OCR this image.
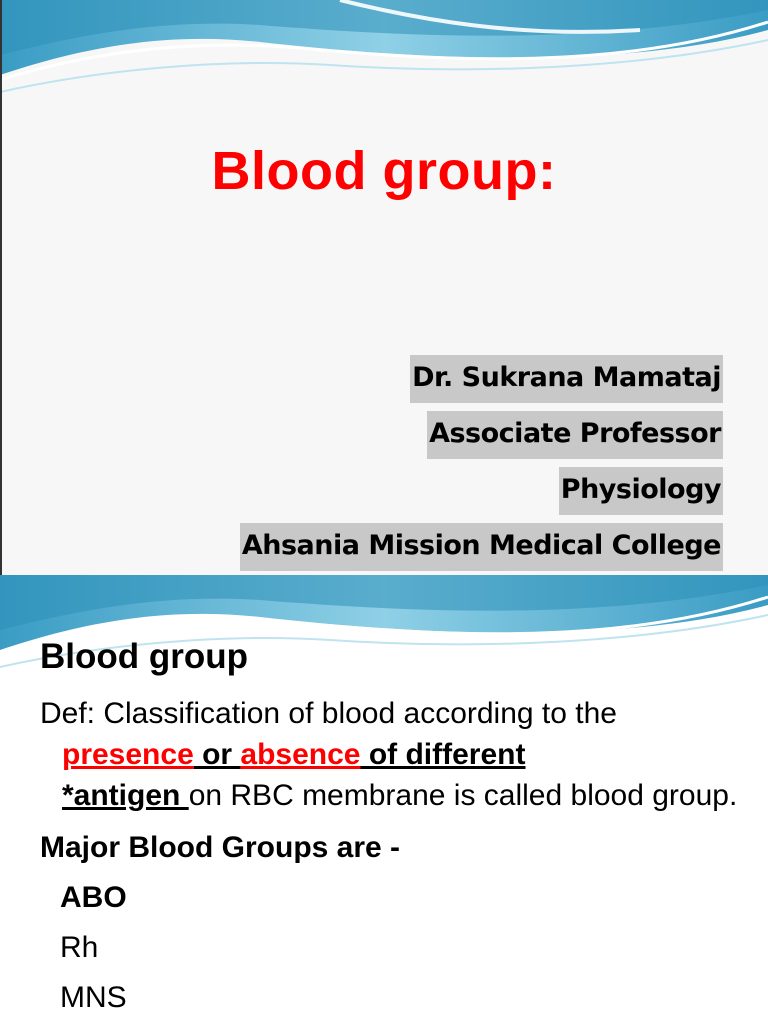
Blood group:
Dr. Sukrana Mamataj
Associate Professor
Physiology
Ahsania Mission Medical College
Blood group
Def: Classification of blood according to the
presence or absence of different
*antigen on RBC membrane is called blood group.
Major Blood Groups are -
ABO
Rh
MNS
